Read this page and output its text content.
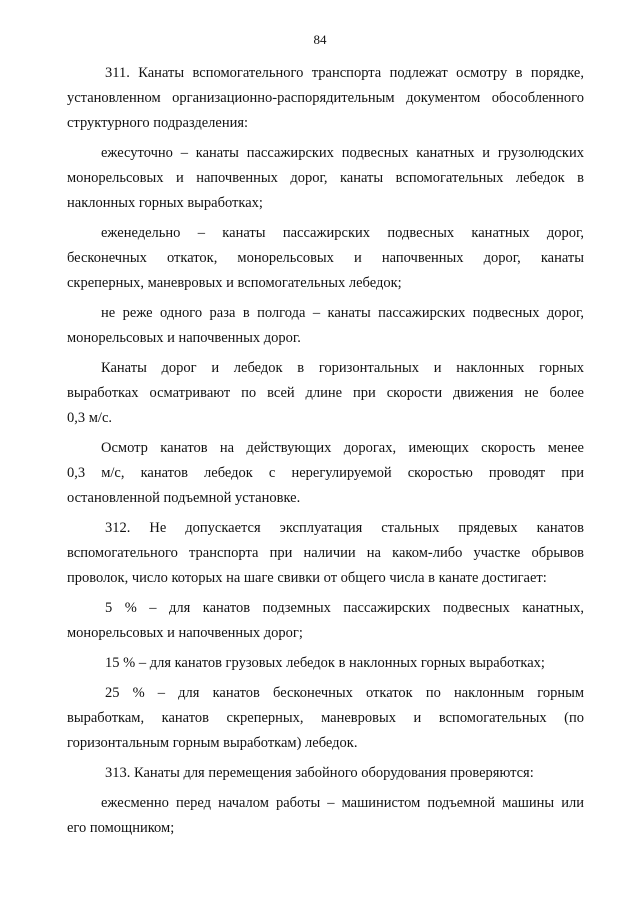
84
311. Канаты вспомогательного транспорта подлежат осмотру в порядке,
установленном организационно-распорядительным документом обособленного
структурного подразделения:
ежесуточно – канаты пассажирских подвесных канатных и грузолюдских
монорельсовых и напочвенных дорог, канаты вспомогательных лебедок в
наклонных горных выработках;
еженедельно – канаты пассажирских подвесных канатных дорог,
бесконечных откаток, монорельсовых и напочвенных дорог, канаты
скреперных, маневровых и вспомогательных лебедок;
не реже одного раза в полгода – канаты пассажирских подвесных дорог,
монорельсовых и напочвенных дорог.
Канаты дорог и лебедок в горизонтальных и наклонных горных
выработках осматривают по всей длине при скорости движения не более
0,3 м/с.
Осмотр канатов на действующих дорогах, имеющих скорость менее
0,3 м/с, канатов лебедок с нерегулируемой скоростью проводят при
остановленной подъемной установке.
312. Не допускается эксплуатация стальных прядевых канатов
вспомогательного транспорта при наличии на каком-либо участке обрывов
проволок, число которых на шаге свивки от общего числа в канате достигает:
5 % – для канатов подземных пассажирских подвесных канатных,
монорельсовых и напочвенных дорог;
15 % – для канатов грузовых лебедок в наклонных горных выработках;
25 % – для канатов бесконечных откаток по наклонным горным
выработкам, канатов скреперных, маневровых и вспомогательных (по
горизонтальным горным выработкам) лебедок.
313. Канаты для перемещения забойного оборудования проверяются:
ежесменно перед началом работы – машинистом подъемной машины или
его помощником;
